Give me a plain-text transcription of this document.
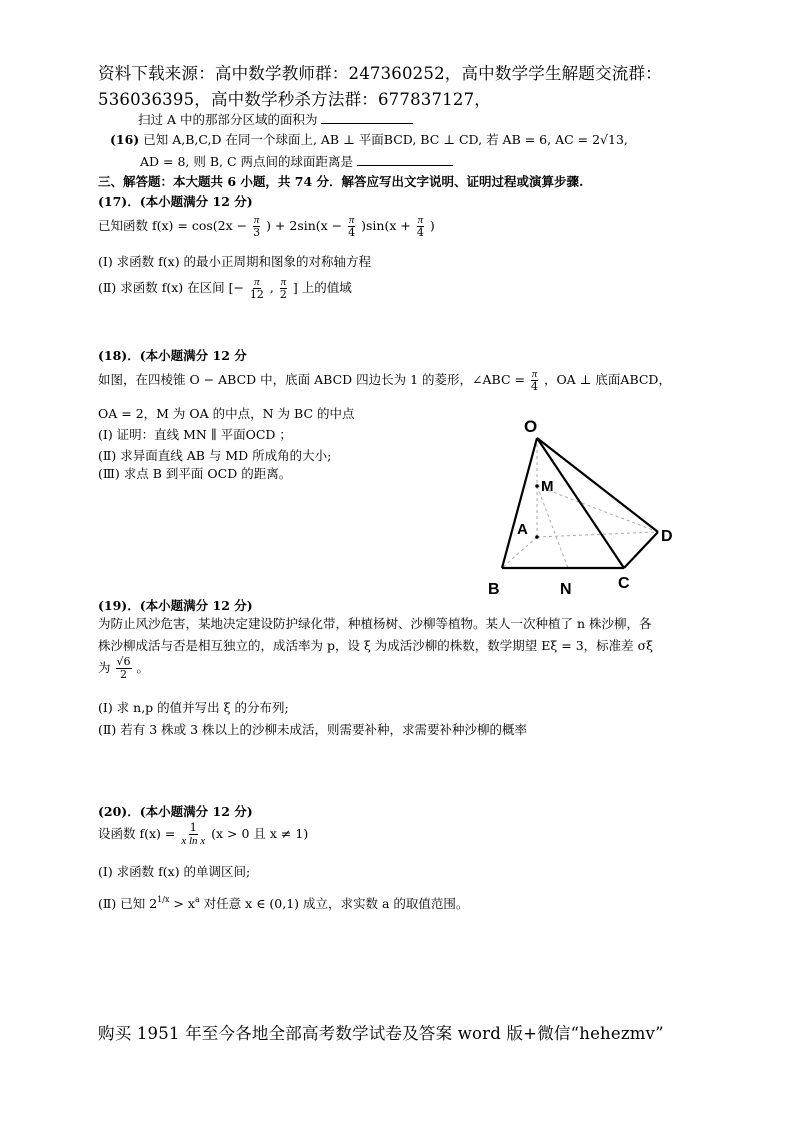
资料下载来源：高中数学教师群：247360252，高中数学学生解题交流群：
536036395，高中数学秒杀方法群：677837127，
扫过 A 中的那部分区域的面积为
(16) 已知 A,B,C,D 在同一个球面上, AB ⊥ 平面BCD, BC ⊥ CD, 若 AB = 6, AC = 2√13,
AD = 8, 则 B, C 两点间的球面距离是
三、解答题：本大题共 6 小题，共 74 分．解答应写出文字说明、证明过程或演算步骤.
(17)．(本小题满分 12 分)
已知函数 $f(x) = \cos(2x - \frac{\pi}{3}$ ) + $2\sin(x - \frac{\pi}{4} )\sin(x + \frac{\pi}{4}$ )
(Ⅰ) 求函数 f(x) 的最小正周期和图象的对称轴方程
(Ⅱ) 求函数 f(x) 在区间 [− $\frac{\pi}{12}$ , $\frac{\pi}{2}$ ] 上的值域
(18)．(本小题满分 12 分
如图，在四棱锥 O − ABCD 中，底面 ABCD 四边长为 1 的菱形，∠ABC = $\frac{\pi}{4}$ ，OA ⊥ 底面ABCD，
OA = 2，M 为 OA 的中点，N 为 BC 的中点
(Ⅰ) 证明：直线 MN ∥ 平面OCD ；
(Ⅱ) 求异面直线 AB 与 MD 所成角的大小;
(Ⅲ) 求点 B 到平面 OCD 的距离。
O
M
A
B	N	C
D
(19)．(本小题满分 12 分)
为防止风沙危害，某地决定建设防护绿化带，种植杨树、沙柳等植物。某人一次种植了 n 株沙柳，各
株沙柳成活与否是相互独立的，成活率为 p，设 ξ 为成活沙柳的株数，数学期望 Eξ = 3，标准差 σξ
为 $\frac{√6}{2}$ 。
(Ⅰ) 求 n,p 的值并写出 ξ 的分布列;
(Ⅱ) 若有 3 株或 3 株以上的沙柳未成活，则需要补种，求需要补种沙柳的概率
(20)．(本小题满分 12 分)
设函数 $f(x) = \frac{1}{\text{x ln x}} (x > 0$ 且 x ≠ 1)
(Ⅰ) 求函数 f(x) 的单调区间;
(Ⅱ) 已知 $2^{1/x} > x^a$ 对任意 x ∈ (0,1) 成立，求实数 a 的取值范围。
购买 1951 年至今各地全部高考数学试卷及答案 word 版+微信“hehezmv”
